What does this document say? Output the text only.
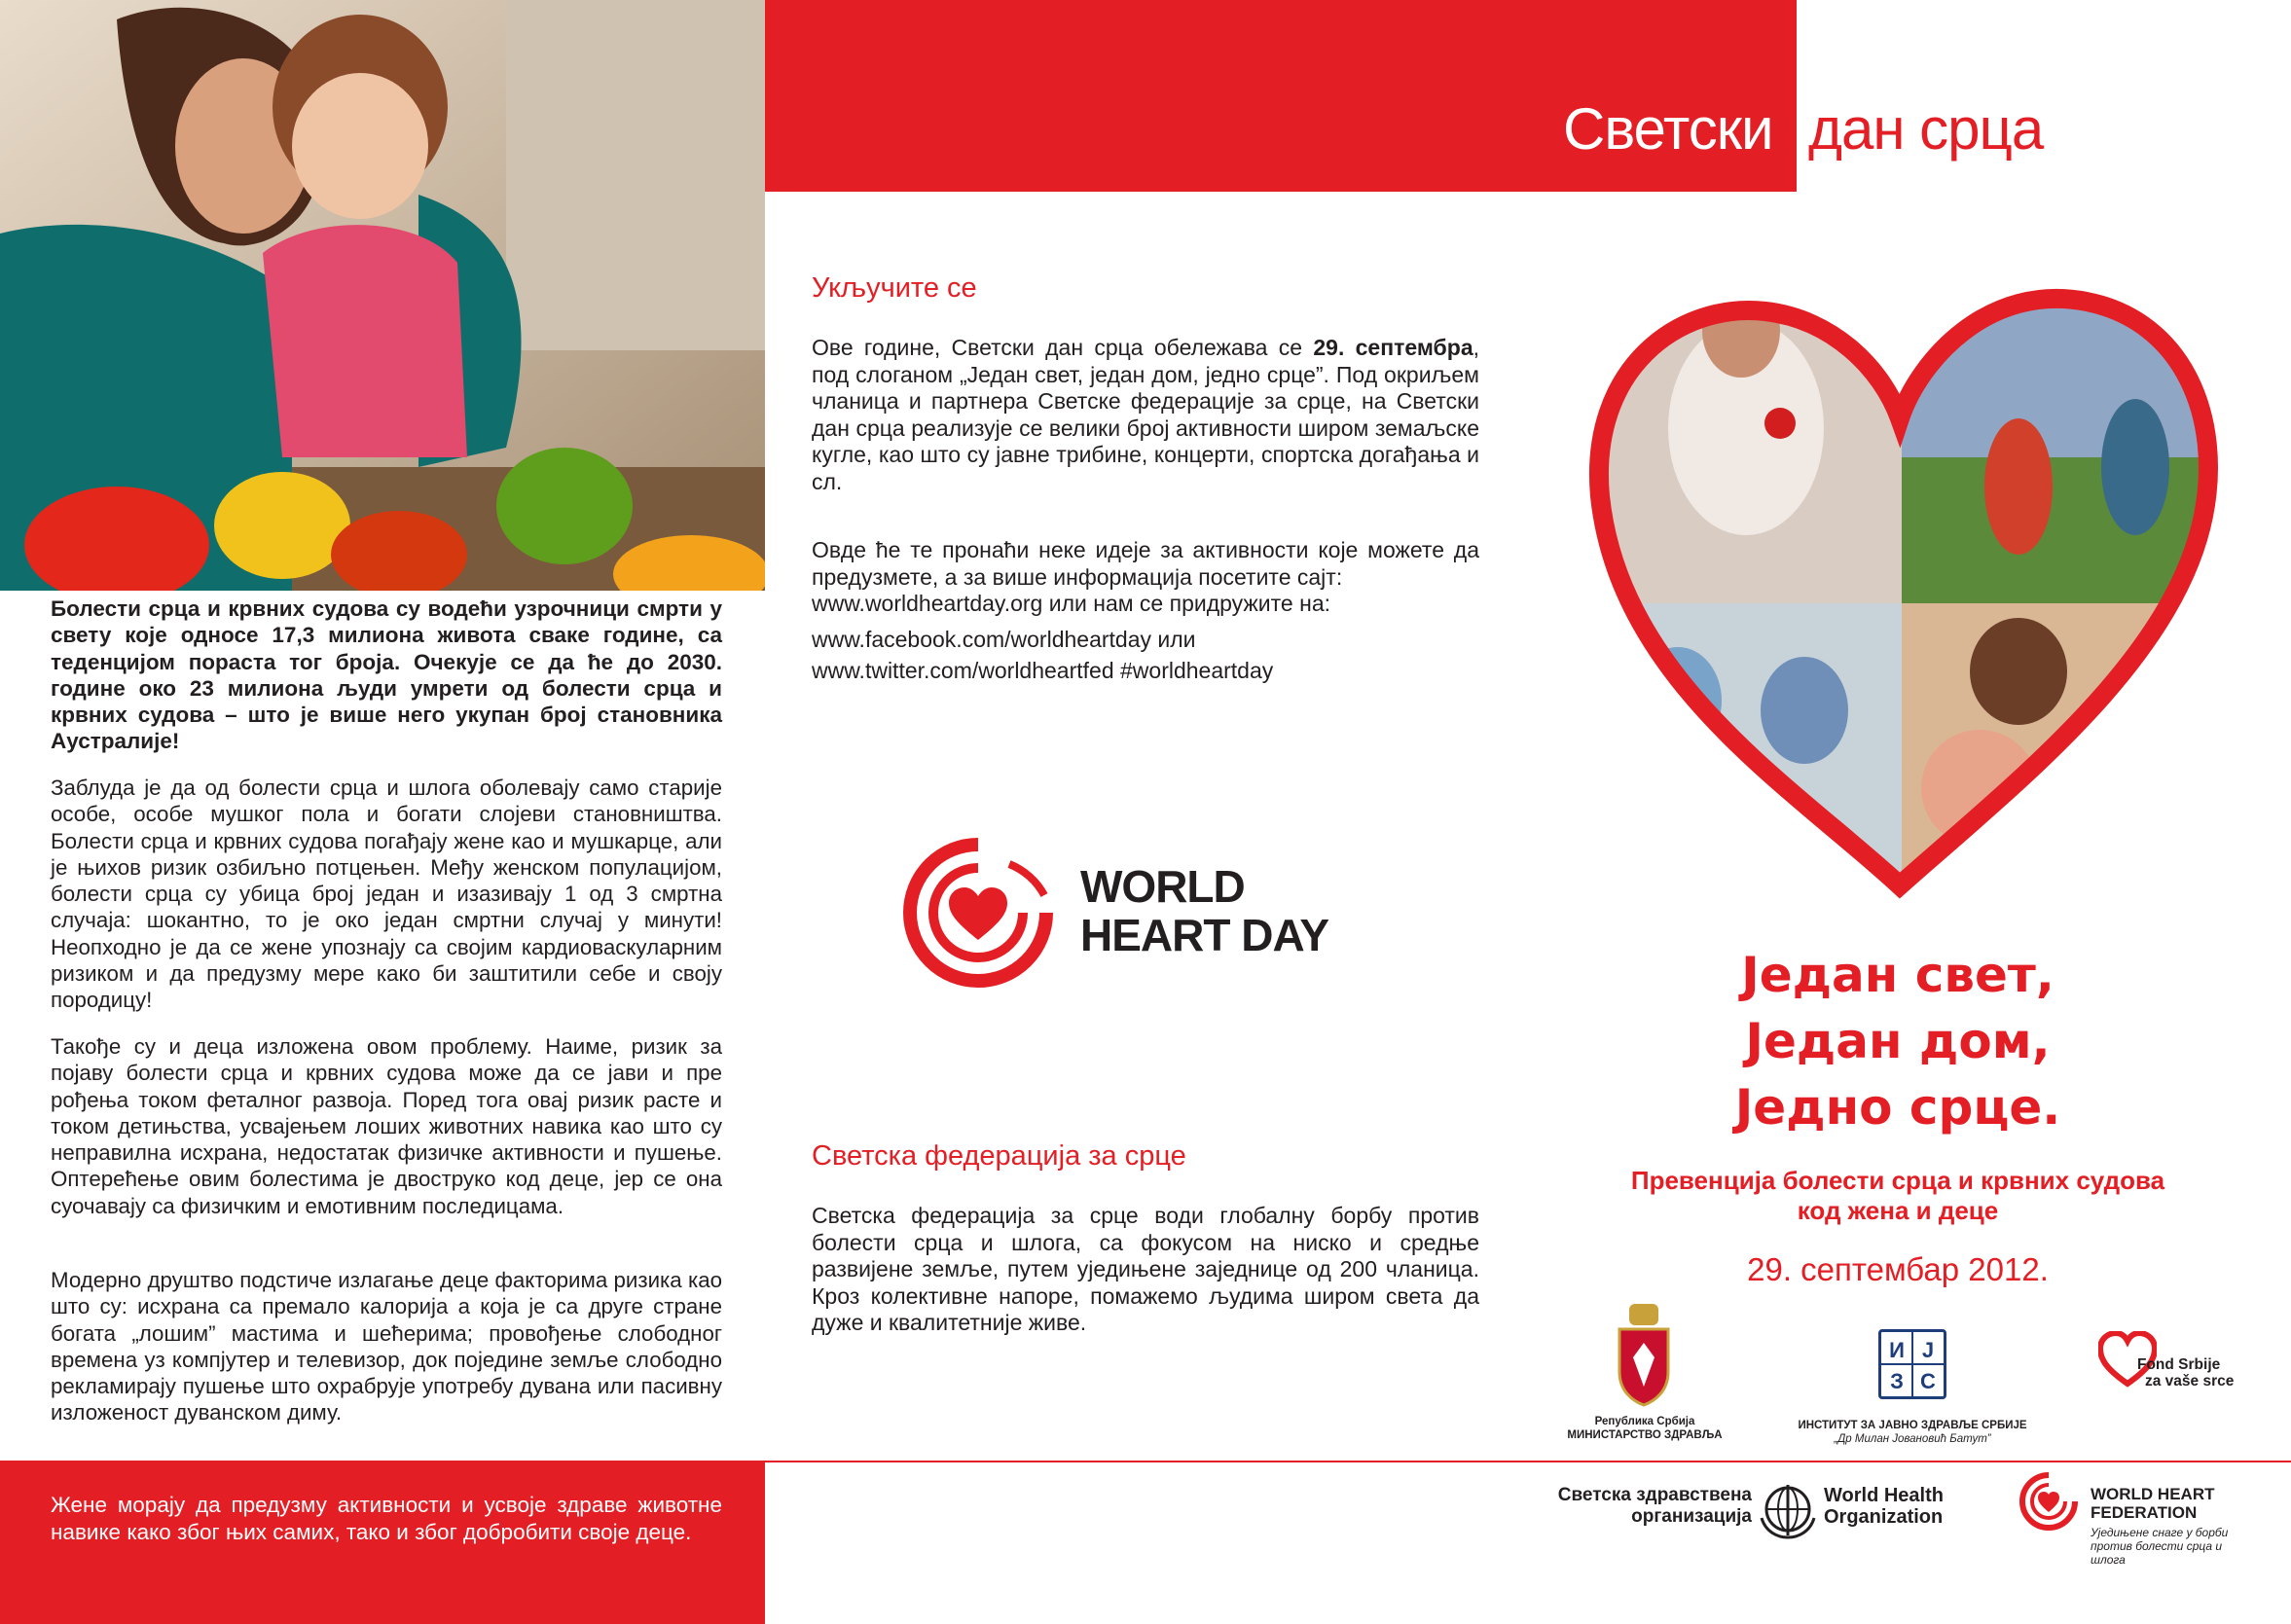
Болести срца и крвних судова су водећи узрочници смрти у свету које односе 17,3 милиона живота сваке године, са теденцијом пораста тог броја. Очекује се да ће до 2030. године око 23 милиона људи умрети од болести срца и крвних судова – што је више него укупан број становника Аустралије!
Заблуда је да од болести срца и шлога оболевају само старије особе, особе мушког пола и богати слојеви становништва. Болести срца и крвних судова погађају жене као и мушкарце, али је њихов ризик озбиљно потцењен. Међу женском популацијом, болести срца су убица број један и изазивају 1 од 3 смртна случаја: шокантно, то је око један смртни случај у минути! Неопходно је да се жене упознају са својим кардиоваскуларним ризиком и да предузму мере како би заштитили себе и своју породицу!
Такође су и деца изложена овом проблему. Наиме, ризик за појаву болести срца и крвних судова може да се јави и пре рођења током феталног развоја. Поред тога овај ризик расте и током детињства, усвајењем лоших животних навика као што су неправилна исхрана, недостатак физичке активности и пушење. Оптерећење овим болестима је двоструко код деце, јер се она суочавају са физичким и емотивним последицама.
Модерно друштво подстиче излагање деце факторима ризика као што су: исхрана са премало калорија а која је са друге стране богата „лошим” мастима и шећерима; провођење слободног времена уз компјутер и телевизор, док поједине земље слободно рекламирају пушење што охрабрује употребу дувана или пасивну изложеност дуванском диму.
Жене морају да предузму активности и усвоје здраве животне навике како због њих самих, тако и због добробити своје деце.
Светски дан срца
Укључите се
Ове године, Светски дан срца обележава се 29. септембра, под слоганом „Један свет, један дом, једно срце”. Под окриљем чланица и партнера Светске федерације за срце, на Светски дан срца реализује се велики број активности широм земаљске кугле, као што су јавне трибине, концерти, спортска догађања и сл.
Овде ће те пронаћи неке идеје за активности које можете да предузмете, а за више информација посетите сајт:
www.worldheartday.org или нам се придружите на:
www.facebook.com/worldheartday или
www.twitter.com/worldheartfed #worldheartday
WORLD
HEART DAY
Светска федерација за срце
Светска федерација за срце води глобалну борбу против болести срца и шлога, са фокусом на ниско и средње развијене земље, путем уједињене заједнице од 200 чланица. Кроз колективне напоре, помажемо људима широм света да дуже и квалитетније живе.
Један свет,
Један дом,
Једно срце.
Превенција болести срца и крвних судова
код жена и деце
29. септембар 2012.
Република Србија
МИНИСТАРСТВО ЗДРАВЉА
И Ј
З С
ИНСТИТУТ ЗА ЈАВНО ЗДРАВЉЕ СРБИЈЕ
„Др Милан Јовановић Батут”
Fond Srbije
za vaše srce
Светска здравствена
организација
World Health
Organization
WORLD HEART
FEDERATION
Уједињене снаге у борби против болести срца и шлога
